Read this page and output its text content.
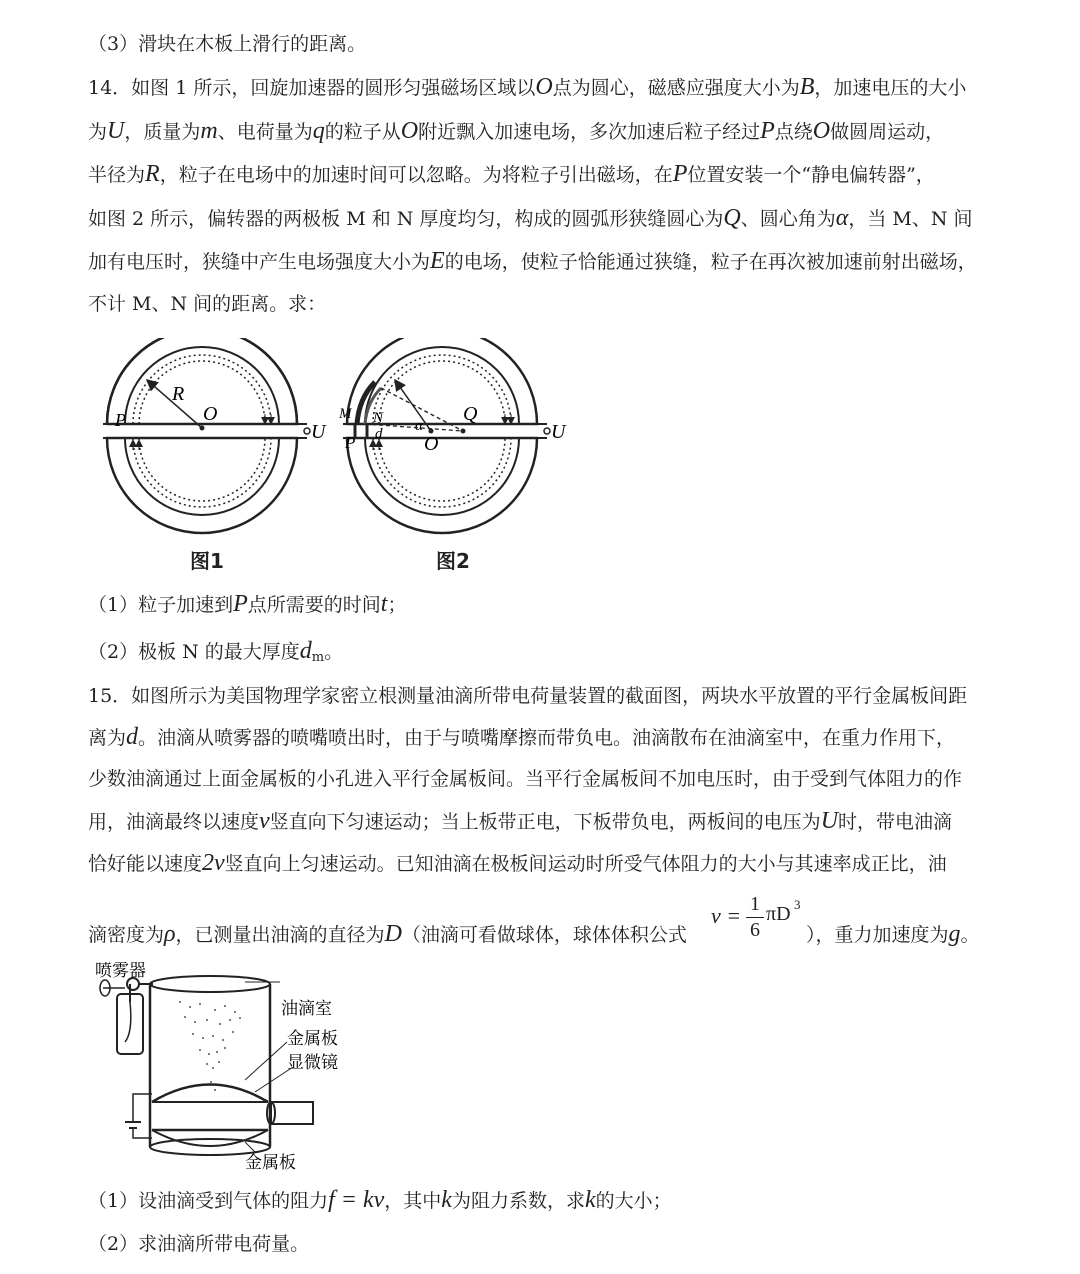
（3）滑块在木板上滑行的距离。
14．如图 1 所示，回旋加速器的圆形匀强磁场区域以O点为圆心，磁感应强度大小为B，加速电压的大小
为U，质量为m、电荷量为q的粒子从O附近飘入加速电场，多次加速后粒子经过P点绕O做圆周运动，
半径为R，粒子在电场中的加速时间可以忽略。为将粒子引出磁场，在P位置安装一个“静电偏转器”，
如图 2 所示，偏转器的两极板 M 和 N 厚度均匀，构成的圆弧形狭缝圆心为Q、圆心角为α，当 M、N 间
加有电压时，狭缝中产生电场强度大小为E的电场，使粒子恰能通过狭缝，粒子在再次被加速前射出磁场，
不计 M、N 间的距离。求：
R
O
P
U
图1
M N
P d α
Q
O
U
图2
（1）粒子加速到P点所需要的时间t；
（2）极板 N 的最大厚度$d_m$。
15．如图所示为美国物理学家密立根测量油滴所带电荷量装置的截面图，两块水平放置的平行金属板间距
离为d。油滴从喷雾器的喷嘴喷出时，由于与喷嘴摩擦而带负电。油滴散布在油滴室中，在重力作用下，
少数油滴通过上面金属板的小孔进入平行金属板间。当平行金属板间不加电压时，由于受到气体阻力的作
用，油滴最终以速度v竖直向下匀速运动；当上板带正电，下板带负电，两板间的电压为U时，带电油滴
恰好能以速度2v竖直向上匀速运动。已知油滴在极板间运动时所受气体阻力的大小与其速率成正比，油
滴密度为ρ，已测量出油滴的直径为D（油滴可看做球体，球体体积公式
v = 1
6
πD 3
），重力加速度为g。
喷雾器
油滴室
金属板
显微镜
金属板
（1）设油滴受到气体的阻力f = kv，其中k为阻力系数，求k的大小；
（2）求油滴所带电荷量。
